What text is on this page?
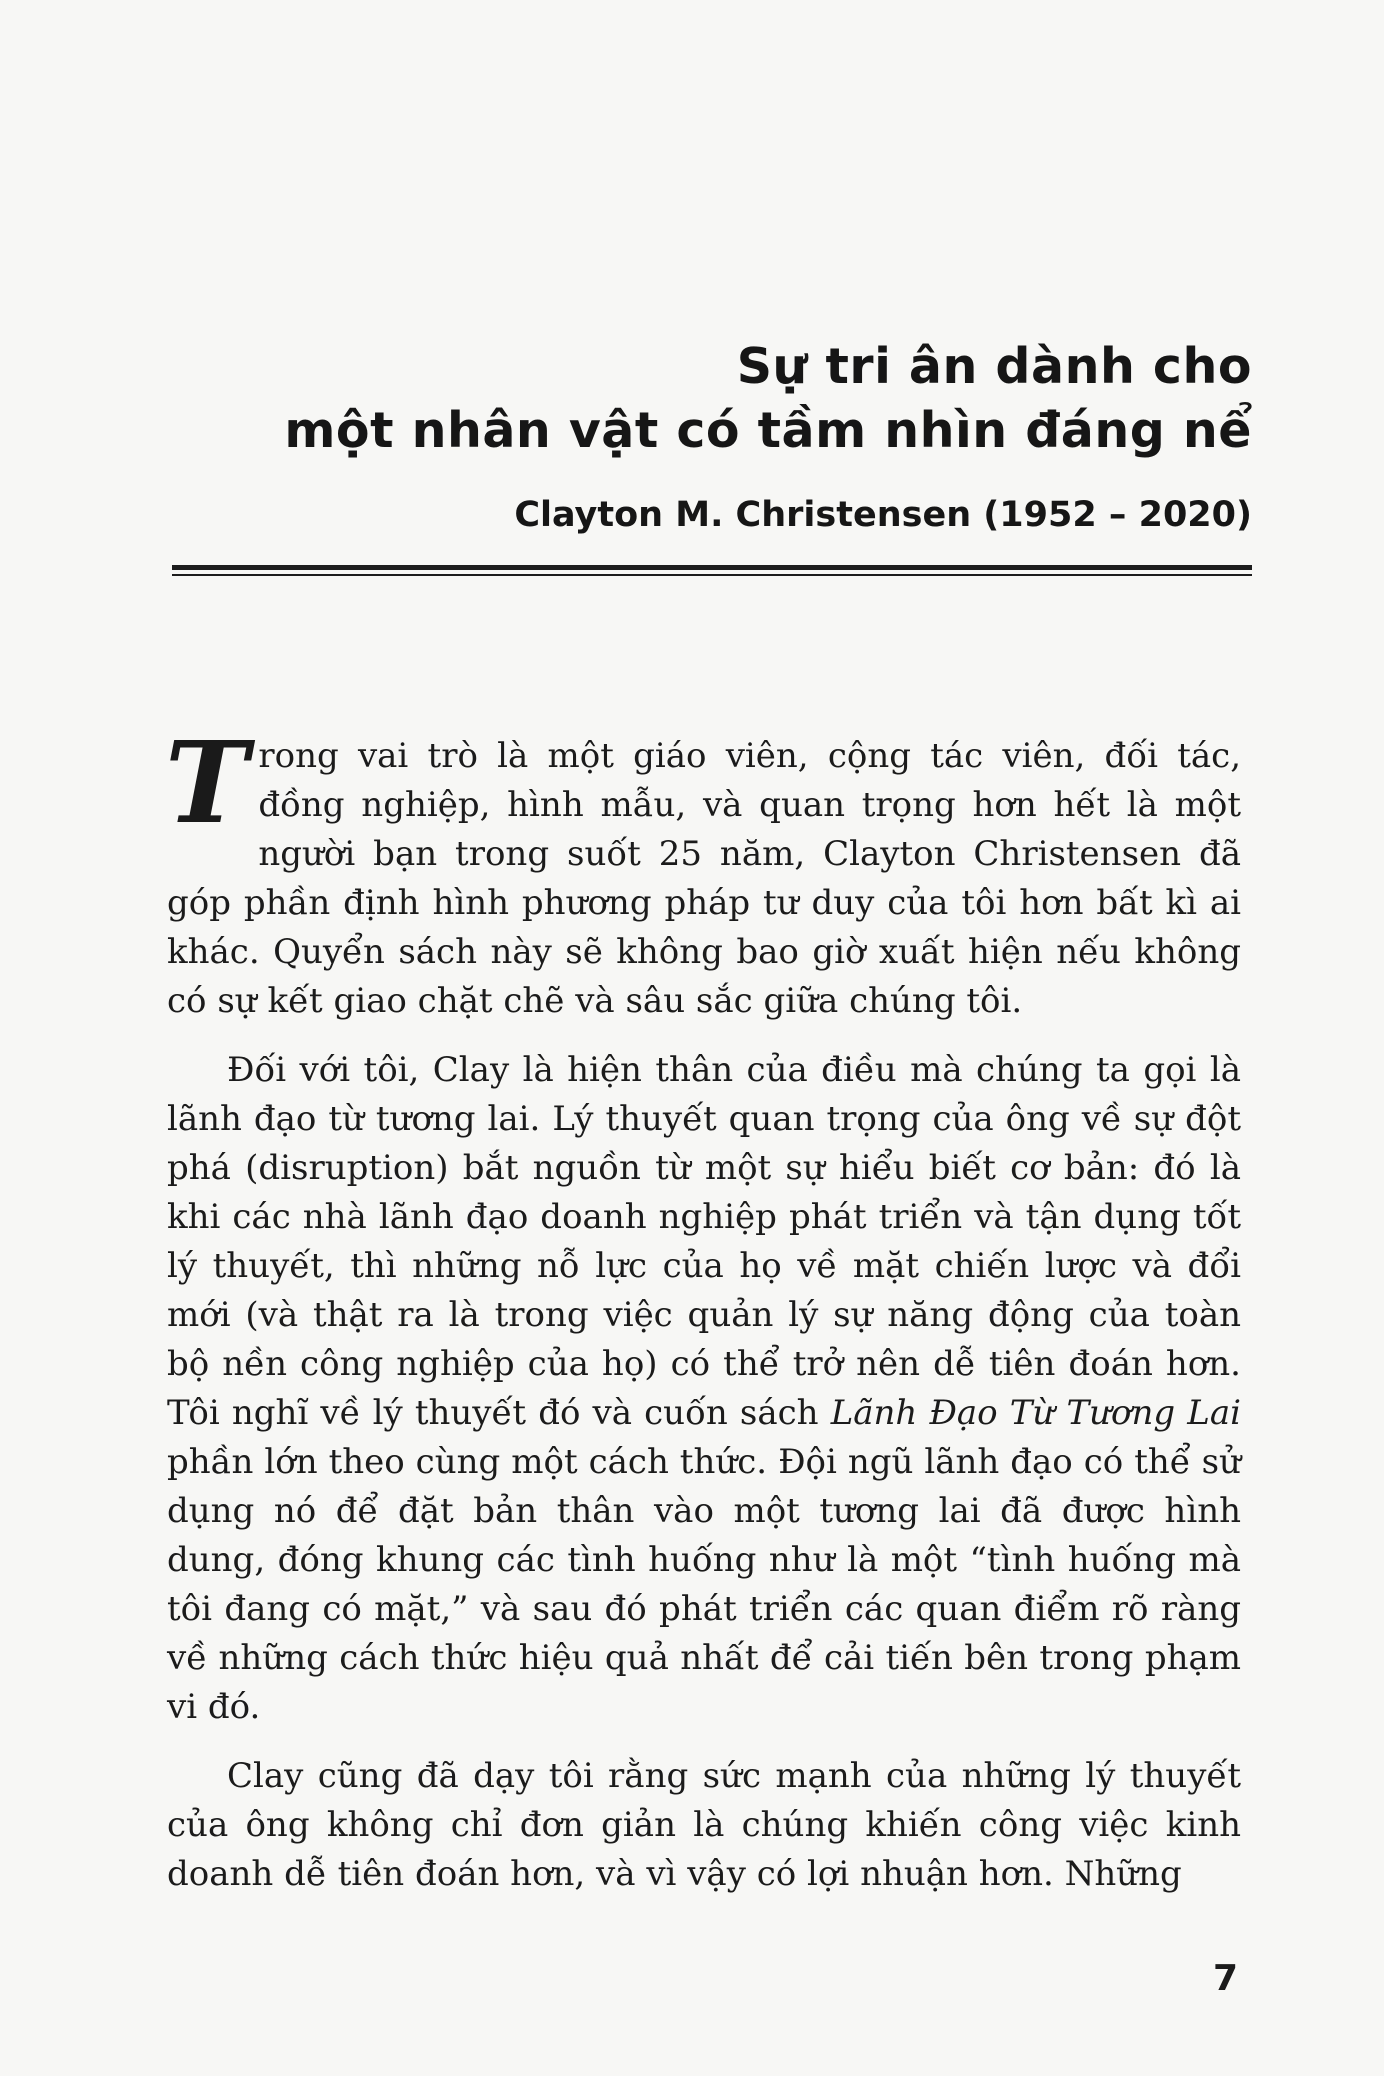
Sự tri ân dành cho
một nhân vật có tầm nhìn đáng nể
Clayton M. Christensen (1952 – 2020)

Trong vai trò là một giáo viên, cộng tác viên, đối tác, đồng nghiệp, hình mẫu, và quan trọng hơn hết là một người bạn trong suốt 25 năm, Clayton Christensen đã góp phần định hình phương pháp tư duy của tôi hơn bất kì ai khác. Quyển sách này sẽ không bao giờ xuất hiện nếu không có sự kết giao chặt chẽ và sâu sắc giữa chúng tôi.

Đối với tôi, Clay là hiện thân của điều mà chúng ta gọi là lãnh đạo từ tương lai. Lý thuyết quan trọng của ông về sự đột phá (disruption) bắt nguồn từ một sự hiểu biết cơ bản: đó là khi các nhà lãnh đạo doanh nghiệp phát triển và tận dụng tốt lý thuyết, thì những nỗ lực của họ về mặt chiến lược và đổi mới (và thật ra là trong việc quản lý sự năng động của toàn bộ nền công nghiệp của họ) có thể trở nên dễ tiên đoán hơn. Tôi nghĩ về lý thuyết đó và cuốn sách Lãnh Đạo Từ Tương Lai phần lớn theo cùng một cách thức. Đội ngũ lãnh đạo có thể sử dụng nó để đặt bản thân vào một tương lai đã được hình dung, đóng khung các tình huống như là một “tình huống mà tôi đang có mặt,” và sau đó phát triển các quan điểm rõ ràng về những cách thức hiệu quả nhất để cải tiến bên trong phạm vi đó.

Clay cũng đã dạy tôi rằng sức mạnh của những lý thuyết của ông không chỉ đơn giản là chúng khiến công việc kinh doanh dễ tiên đoán hơn, và vì vậy có lợi nhuận hơn. Những

7
